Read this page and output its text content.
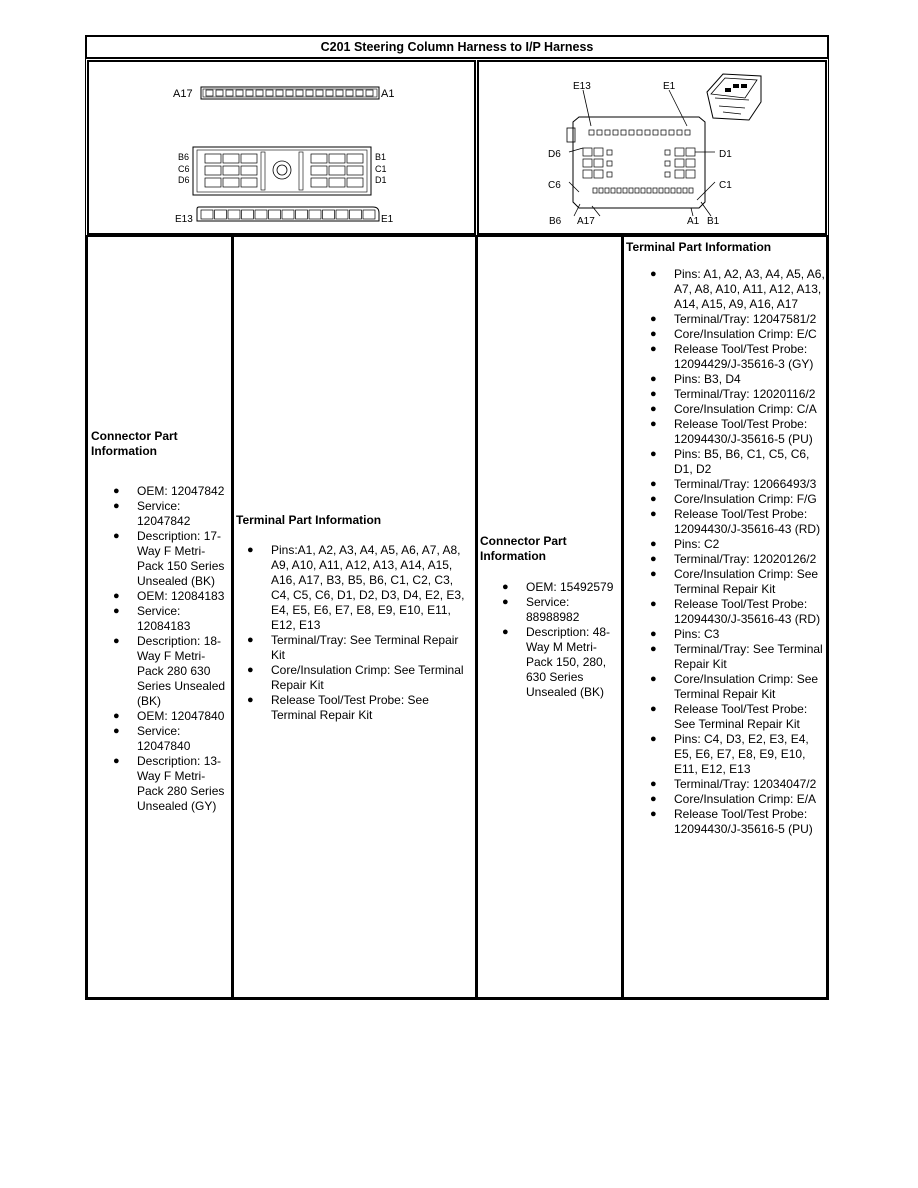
C201 Steering Column Harness to I/P Harness
A17	A1
B6
C6
D6
B1
C1
D1
E13	E1
E13	E1
D6	D1
C6	C1
B6 A17	A1 B1
Connector Part Information
● OEM: 12047842
● Service: 12047842
● Description: 17-Way F Metri-Pack 150 Series Unsealed (BK)
● OEM: 12084183
● Service: 12084183
● Description: 18-Way F Metri-Pack 280 630 Series Unsealed (BK)
● OEM: 12047840
● Service: 12047840
● Description: 13-Way F Metri-Pack 280 Series Unsealed (GY)
Terminal Part Information
● Pins:A1, A2, A3, A4, A5, A6, A7, A8, A9, A10, A11, A12, A13, A14, A15, A16, A17, B3, B5, B6, C1, C2, C3, C4, C5, C6, D1, D2, D3, D4, E2, E3, E4, E5, E6, E7, E8, E9, E10, E11, E12, E13
● Terminal/Tray: See Terminal Repair Kit
● Core/Insulation Crimp: See Terminal Repair Kit
● Release Tool/Test Probe: See Terminal Repair Kit
Connector Part Information
● OEM: 15492579
● Service: 88988982
● Description: 48-Way M Metri-Pack 150, 280, 630 Series Unsealed (BK)
Terminal Part Information
● Pins: A1, A2, A3, A4, A5, A6, A7, A8, A10, A11, A12, A13, A14, A15, A9, A16, A17
● Terminal/Tray: 12047581/2
● Core/Insulation Crimp: E/C
● Release Tool/Test Probe: 12094429/J-35616-3 (GY)
● Pins: B3, D4
● Terminal/Tray: 12020116/2
● Core/Insulation Crimp: C/A
● Release Tool/Test Probe: 12094430/J-35616-5 (PU)
● Pins: B5, B6, C1, C5, C6, D1, D2
● Terminal/Tray: 12066493/3
● Core/Insulation Crimp: F/G
● Release Tool/Test Probe: 12094430/J-35616-43 (RD)
● Pins: C2
● Terminal/Tray: 12020126/2
● Core/Insulation Crimp: See Terminal Repair Kit
● Release Tool/Test Probe: 12094430/J-35616-43 (RD)
● Pins: C3
● Terminal/Tray: See Terminal Repair Kit
● Core/Insulation Crimp: See Terminal Repair Kit
● Release Tool/Test Probe: See Terminal Repair Kit
● Pins: C4, D3, E2, E3, E4, E5, E6, E7, E8, E9, E10, E11, E12, E13
● Terminal/Tray: 12034047/2
● Core/Insulation Crimp: E/A
● Release Tool/Test Probe: 12094430/J-35616-5 (PU)
